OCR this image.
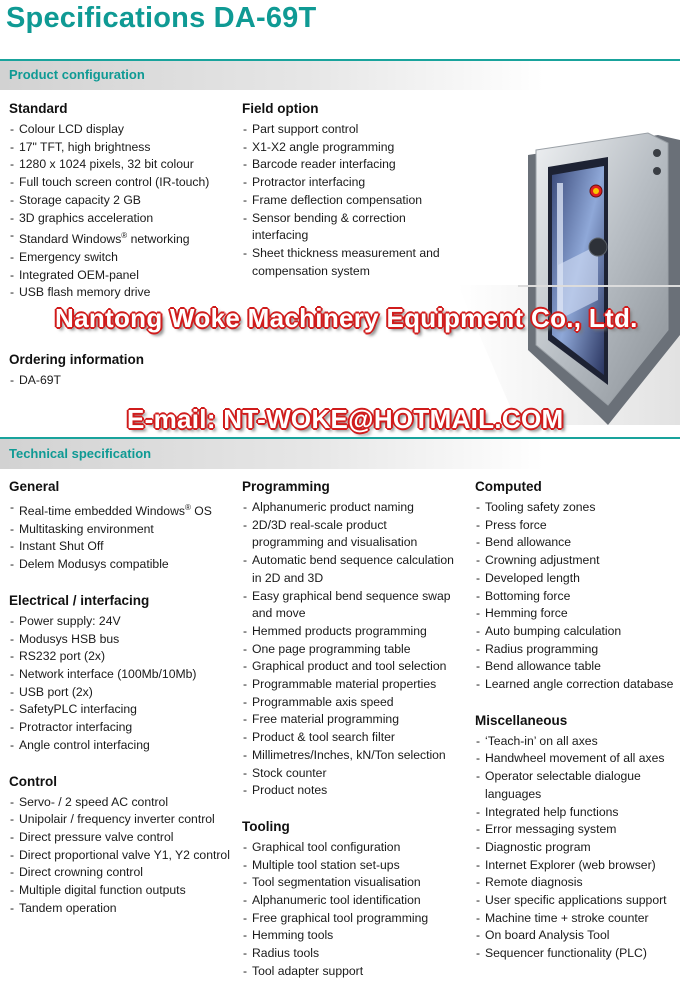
Specifications DA-69T
Product configuration
Standard
- Colour LCD display
- 17" TFT, high brightness
- 1280 x 1024 pixels, 32 bit colour
- Full touch screen control (IR-touch)
- Storage capacity 2 GB
- 3D graphics acceleration
- Standard Windows® networking
- Emergency switch
- Integrated OEM-panel
- USB flash memory drive
Field option
- Part support control
- X1-X2 angle programming
- Barcode reader interfacing
- Protractor interfacing
- Frame deflection compensation
- Sensor bending & correction interfacing
- Sheet thickness measurement and compensation system
Ordering information
- DA-69T
Nantong Woke Machinery Equipment Co., Ltd.
E-mail: NT-WOKE@HOTMAIL.COM
Technical specification
General
- Real-time embedded Windows® OS
- Multitasking environment
- Instant Shut Off
- Delem Modusys compatible
Electrical / interfacing
- Power supply: 24V
- Modusys HSB bus
- RS232 port (2x)
- Network interface (100Mb/10Mb)
- USB port (2x)
- SafetyPLC interfacing
- Protractor interfacing
- Angle control interfacing
Control
- Servo- / 2 speed AC control
- Unipolair / frequency inverter control
- Direct pressure valve control
- Direct proportional valve Y1, Y2 control
- Direct crowning control
- Multiple digital function outputs
- Tandem operation
Programming
- Alphanumeric product naming
- 2D/3D real-scale product programming and visualisation
- Automatic bend sequence calculation in 2D and 3D
- Easy graphical bend sequence swap and move
- Hemmed products programming
- One page programming table
- Graphical product and tool selection
- Programmable material properties
- Programmable axis speed
- Free material programming
- Product & tool search filter
- Millimetres/Inches, kN/Ton selection
- Stock counter
- Product notes
Tooling
- Graphical tool configuration
- Multiple tool station set-ups
- Tool segmentation visualisation
- Alphanumeric tool identification
- Free graphical tool programming
- Hemming tools
- Radius tools
- Tool adapter support
Computed
- Tooling safety zones
- Press force
- Bend allowance
- Crowning adjustment
- Developed length
- Bottoming force
- Hemming force
- Auto bumping calculation
- Radius programming
- Bend allowance table
- Learned angle correction database
Miscellaneous
- ‘Teach-in’ on all axes
- Handwheel movement of all axes
- Operator selectable dialogue languages
- Integrated help functions
- Error messaging system
- Diagnostic program
- Internet Explorer (web browser)
- Remote diagnosis
- User specific applications support
- Machine time + stroke counter
- On board Analysis Tool
- Sequencer functionality (PLC)
